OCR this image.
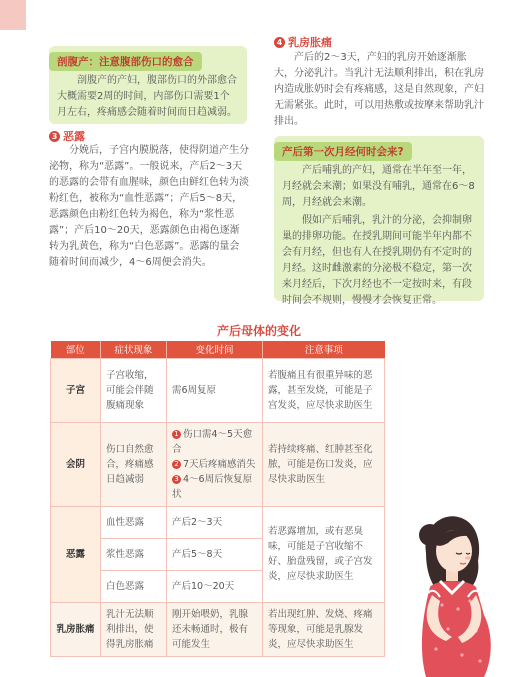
剖腹产：注意腹部伤口的愈合

剖腹产的产妇，腹部伤口的外部愈合大概需要2周的时间，内部伤口需要1个月左右，疼痛感会随着时间而日趋减弱。

3 恶露

分娩后，子宫内膜脱落，使得阴道产生分泌物，称为“恶露”。一般说来，产后2～3天的恶露的会带有血腥味，颜色由鲜红色转为淡粉红色，被称为“血性恶露”；产后5～8天，恶露颜色由粉红色转为褐色，称为“浆性恶露”；产后10～20天，恶露颜色由褐色逐渐转为乳黄色，称为“白色恶露”。恶露的量会随着时间而减少，4～6周便会消失。

4 乳房胀痛

产后的2～3天，产妇的乳房开始逐渐胀大，分泌乳汁。当乳汁无法顺利排出，积在乳房内造成胀奶时会有疼痛感，这是自然现象，产妇无需紧张。此时，可以用热敷或按摩来帮助乳汁排出。

产后第一次月经何时会来?

产后哺乳的产妇，通常在半年至一年，月经就会来潮；如果没有哺乳，通常在6～8周，月经就会来潮。

假如产后哺乳，乳汁的分泌，会抑制卵巢的排卵功能。在授乳期间可能半年内都不会有月经，但也有人在授乳期仍有不定时的月经。这时雌激素的分泌极不稳定，第一次来月经后，下次月经也不一定按时来，有段时间会不规则，慢慢才会恢复正常。

产后母体的变化
部位	症状现象	变化时间	注意事项
子宫	子宫收缩，可能会伴随腹痛现象	需6周复原	若腹痛且有很重异味的恶露，甚至发烧，可能是子宫发炎，应尽快求助医生
会阴	伤口自然愈合，疼痛感日趋减弱	1 伤口需4～5天愈合
2 7天后疼痛感消失
3 4～6周后恢复原状	若持续疼痛、红肿甚至化脓，可能是伤口发炎，应尽快求助医生
恶露	血性恶露	产后2～3天	若恶露增加，或有恶臭味，可能是子宫收缩不好、胎盘残留，或子宫发炎，应尽快求助医生
	浆性恶露	产后5～8天	
	白色恶露	产后10～20天	
乳房胀痛	乳汁无法顺利排出，使得乳房胀痛	刚开始喂奶，乳腺还未畅通时，极有可能发生	若出现红肿、发烧、疼痛等现象，可能是乳腺发炎，应尽快求助医生
